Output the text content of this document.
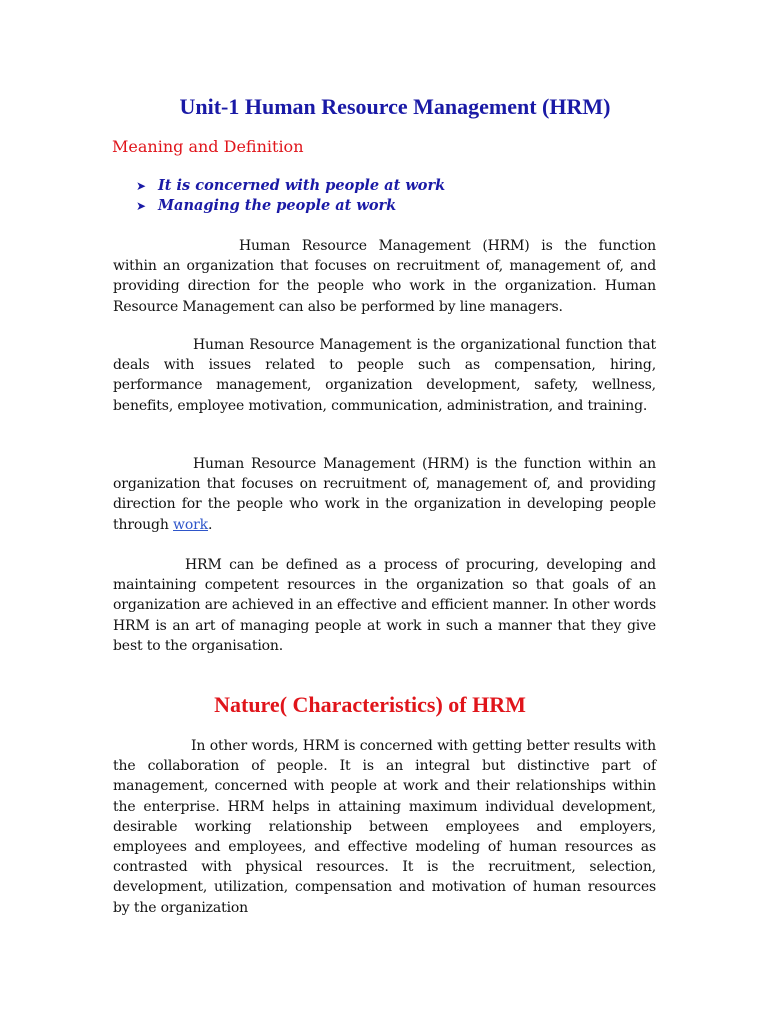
Unit-1 Human Resource Management (HRM)
Meaning and Definition
➤ It is concerned with people at work
➤ Managing the people at work

Human Resource Management (HRM) is the function within an organization that focuses on recruitment of, management of, and providing direction for the people who work in the organization. Human Resource Management can also be performed by line managers.

Human Resource Management is the organizational function that deals with issues related to people such as compensation, hiring, performance management, organization development, safety, wellness, benefits, employee motivation, communication, administration, and training.

Human Resource Management (HRM) is the function within an organization that focuses on recruitment of, management of, and providing direction for the people who work in the organization in developing people through work.

HRM can be defined as a process of procuring, developing and maintaining competent resources in the organization so that goals of an organization are achieved in an effective and efficient manner. In other words HRM is an art of managing people at work in such a manner that they give best to the organisation.

Nature( Characteristics) of HRM

In other words, HRM is concerned with getting better results with the collaboration of people. It is an integral but distinctive part of management, concerned with people at work and their relationships within the enterprise. HRM helps in attaining maximum individual development, desirable working relationship between employees and employers, employees and employees, and effective modeling of human resources as contrasted with physical resources. It is the recruitment, selection, development, utilization, compensation and motivation of human resources by the organization
